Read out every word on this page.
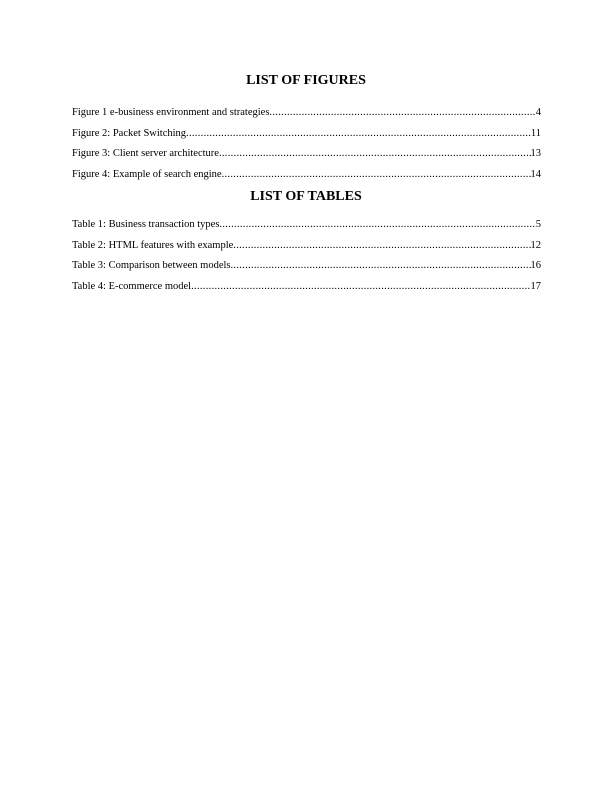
LIST OF FIGURES
Figure 1 e-business environment and strategies .....	4
Figure 2: Packet Switching .....	11
Figure 3: Client server architecture .....	13
Figure 4: Example of search engine .....	14
LIST OF TABLES
Table 1: Business transaction types .....	5
Table 2: HTML features with example .....	12
Table 3: Comparison between models .....	16
Table 4: E-commerce model .....	17
